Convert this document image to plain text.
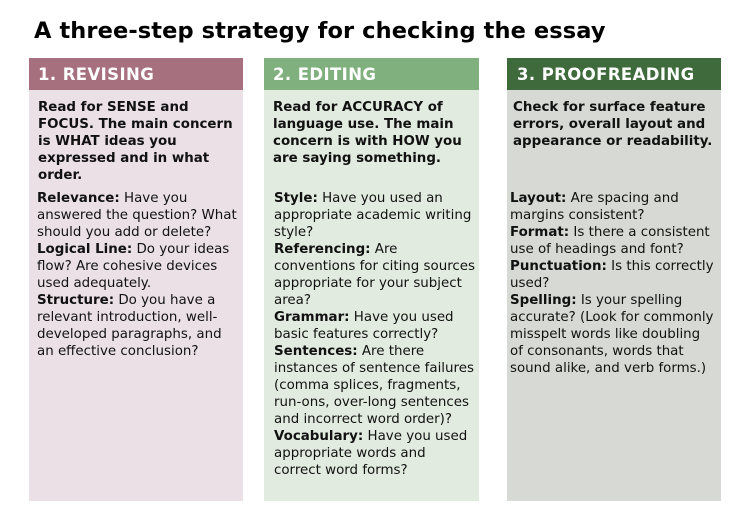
A three-step strategy for checking the essay
1. REVISING
Read for SENSE and FOCUS. The main concern is WHAT ideas you expressed and in what order.

Relevance: Have you answered the question? What should you add or delete?

Logical Line: Do your ideas flow? Are cohesive devices used adequately.

Structure: Do you have a relevant introduction, well-developed paragraphs, and an effective conclusion?

2. EDITING
Read for ACCURACY of language use. The main concern is with HOW you are saying something.

Style: Have you used an appropriate academic writing style?

Referencing: Are conventions for citing sources appropriate for your subject area?

Grammar: Have you used basic features correctly?

Sentences: Are there instances of sentence failures (comma splices, fragments, run-ons, over-long sentences and incorrect word order)?

Vocabulary: Have you used appropriate words and correct word forms?

3. PROOFREADING
Check for surface feature errors, overall layout and appearance or readability.

Layout: Are spacing and margins consistent?

Format: Is there a consistent use of headings and font?

Punctuation: Is this correctly used?

Spelling: Is your spelling accurate? (Look for commonly misspelt words like doubling of consonants, words that sound alike, and verb forms.)
